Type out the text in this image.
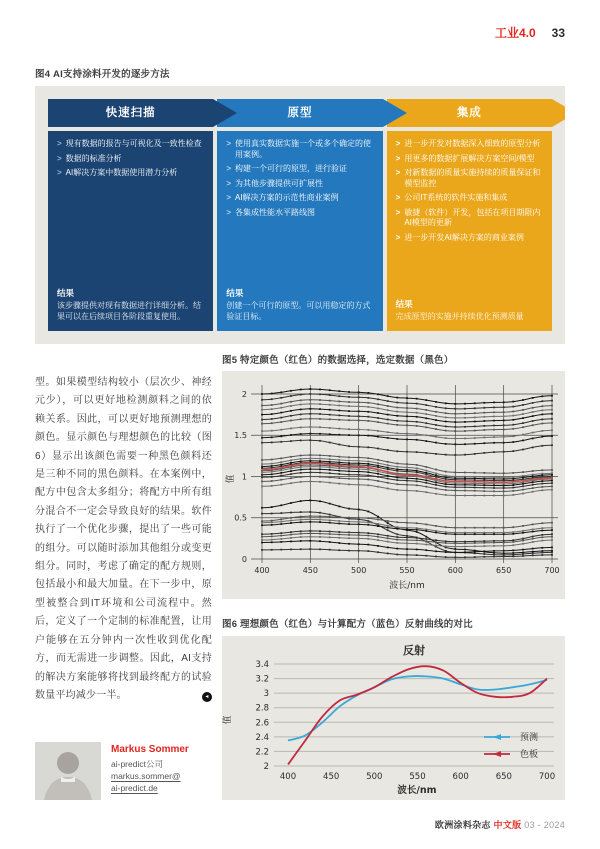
工业4.0 33
图4 AI支持涂料开发的逐步方法
快速扫描
> 现有数据的报告与可视化及一致性检查
> 数据的标准分析
> AI解决方案中数据使用潜力分析
结果
该步骤提供对现有数据进行详细分析。结果可以在后续项目各阶段重复使用。
原型
> 使用真实数据实施一个或多个确定的使用案例。
> 构建一个可行的原型，进行验证
> 为其他步骤提供可扩展性
> AI解决方案的示范性商业案例
> 各集成性能水平路线图
结果
创建一个可行的原型。可以用稳定的方式验证目标。
集成
> 进一步开发对数据深入细致的原型分析
> 用更多的数据扩展解决方案空间/模型
> 对新数据的质量实施持续的质量保证和模型监控
> 公司IT系统的软件实施和集成
> 敏捷（软件）开发，包括在项目期限内AI模型的更新
> 进一步开发AI解决方案的商业案例
结果
完成原型的实施并持续优化预测质量
型。如果模型结构较小（层次少、神经元少），可以更好地检测颜料之间的依赖关系。因此，可以更好地预测理想的颜色。显示颜色与理想颜色的比较（图6）显示出该颜色需要一种黑色颜料还是三种不同的黑色颜料。在本案例中，配方中包含太多组分；将配方中所有组分混合不一定会导致良好的结果。软件执行了一个优化步骤，提出了一些可能的组分。可以随时添加其他组分或变更组分。同时，考虑了确定的配方规则，包括最小和最大加量。在下一步中，原型被整合到IT环境和公司流程中。然后，定义了一个定制的标准配置，让用户能够在五分钟内一次性收到优化配方，而无需进一步调整。因此，AI支持的解决方案能够将找到最终配方的试验数量平均减少一半。
◂
图5 特定颜色（红色）的数据选择，选定数据（黑色）
0
0.5
1
1.5
2
400	450	500	550	600	650	700
波长/nm
值
图6 理想颜色（红色）与计算配方（蓝色）反射曲线的对比
反射
2
2.2
2.4
2.6
2.8
3
3.2
3.4
400	450	500	550	600	650	700
波长/nm
值
预测
色板
Markus Sommer
ai-predict公司
markus.sommer@
ai-predict.de
欧洲涂料杂志 中文版 03 - 2024
